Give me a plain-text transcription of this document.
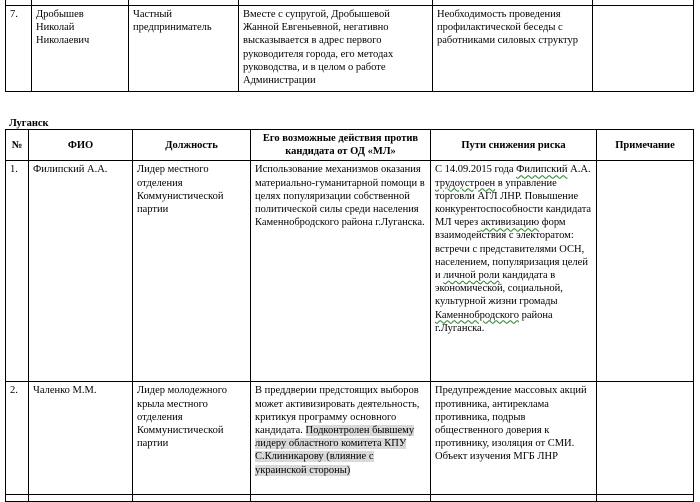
7.	Дробышев Николай Николаевич	Частный предприниматель	Вместе с супругой, Дробышевой Жанной Евгеньевной, негативно высказывается в адрес первого руководителя города, его методах руководства, и в целом о работе Администрации	Необходимость проведения профилактической беседы с работниками силовых структур	
Луганск
№	ФИО	Должность	Его возможные действия против кандидата от ОД «МЛ»	Пути снижения риска	Примечание
1.	Филипский А.А.	Лидер местного отделения Коммунистической партии	Использование механизмов оказания материально-гуманитарной помощи в целях популяризации собственной политической силы среди населения Каменнобродского района г.Луганска.	С 14.09.2015 года Филипский А.А. трудоустроен в управление торговли АГЛ ЛНР. Повышение конкурентоспособности кандидата МЛ через активизацию форм взаимодействия с электоратом: встречи с представителями ОСН, населением, популяризация целей и личной роли кандидата в экономической, социальной, культурной жизни громады Каменнобродского района г.Луганска.	
2.	Чаленко М.М.	Лидер молодежного крыла местного отделения Коммунистической партии	В преддверии предстоящих выборов может активизировать деятельность, критикуя программу основного кандидата. Подконтролен бывшему лидеру областного комитета КПУ С.Клиникарову (влияние с украинской стороны)	Предупреждение массовых акций противника, антиреклама противника, подрыв общественного доверия к противнику, изоляция от СМИ. Объект изучения МГБ ЛНР	
